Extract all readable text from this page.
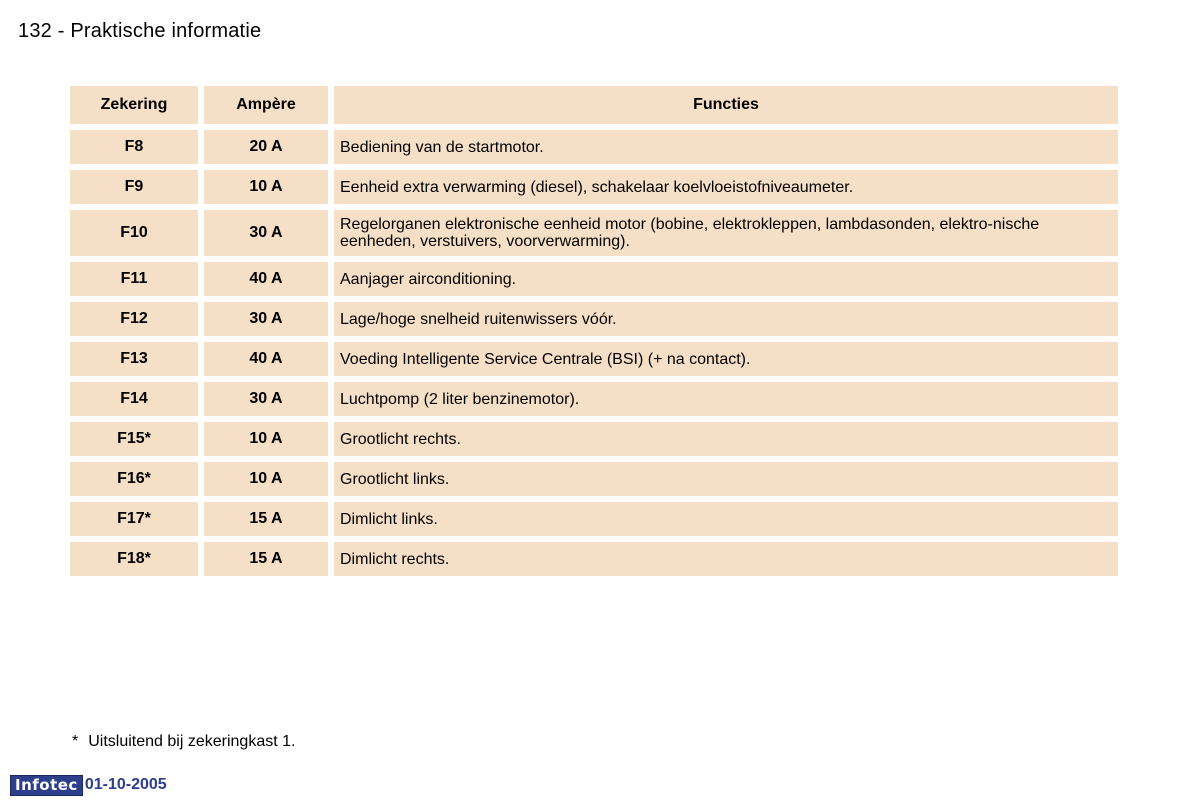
132 - Praktische informatie
Zekering	Ampère	Functies
F8	20 A	Bediening van de startmotor.
F9	10 A	Eenheid extra verwarming (diesel), schakelaar koelvloeistofniveaumeter.
F10	30 A	Regelorganen elektronische eenheid motor (bobine, elektrokleppen, lambdasonden, elektro-nische eenheden, verstuivers, voorverwarming).
F11	40 A	Aanjager airconditioning.
F12	30 A	Lage/hoge snelheid ruitenwissers vóór.
F13	40 A	Voeding Intelligente Service Centrale (BSI) (+ na contact).
F14	30 A	Luchtpomp (2 liter benzinemotor).
F15*	10 A	Grootlicht rechts.
F16*	10 A	Grootlicht links.
F17*	15 A	Dimlicht links.
F18*	15 A	Dimlicht rechts.
* Uitsluitend bij zekeringkast 1.
Infotec 01-10-2005
